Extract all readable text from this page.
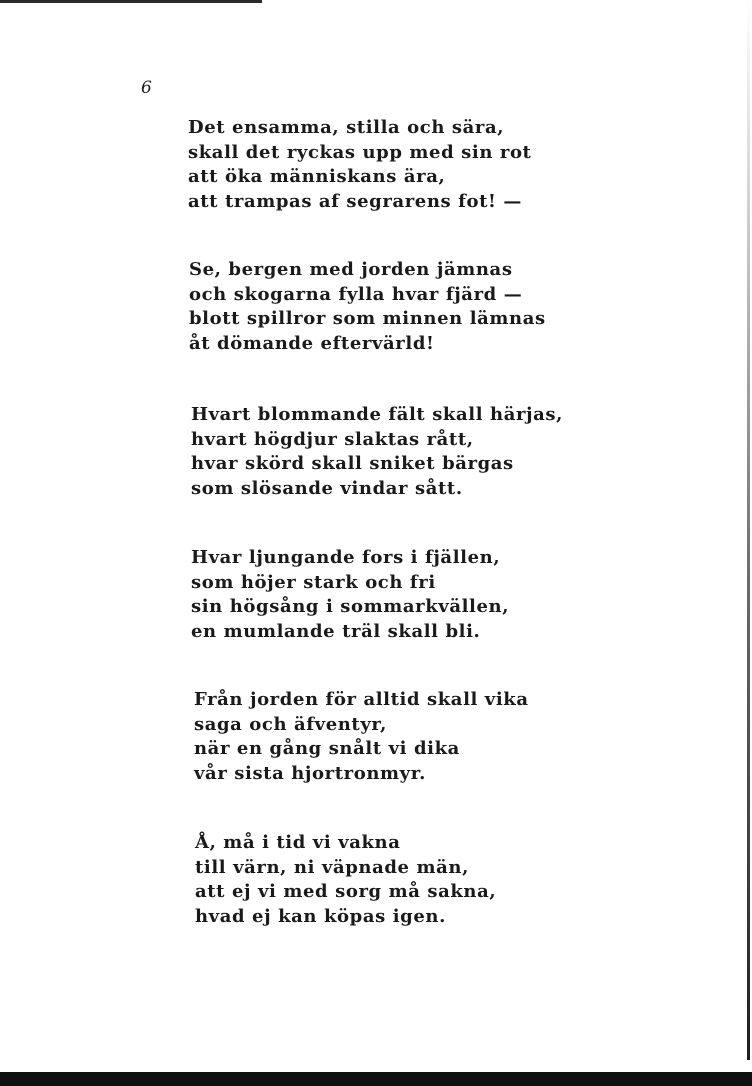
6

Det ensamma, stilla och sära,
skall det ryckas upp med sin rot
att öka människans ära,
att trampas af segrarens fot! —
Se, bergen med jorden jämnas
och skogarna fylla hvar fjärd —
blott spillror som minnen lämnas
åt dömande eftervärld!
Hvart blommande fält skall härjas,
hvart högdjur slaktas rått,
hvar skörd skall sniket bärgas
som slösande vindar sått.
Hvar ljungande fors i fjällen,
som höjer stark och fri
sin högsång i sommarkvällen,
en mumlande träl skall bli.
Från jorden för alltid skall vika
saga och äfventyr,
när en gång snålt vi dika
vår sista hjortronmyr.
Å, må i tid vi vakna
till värn, ni väpnade män,
att ej vi med sorg må sakna,
hvad ej kan köpas igen.
